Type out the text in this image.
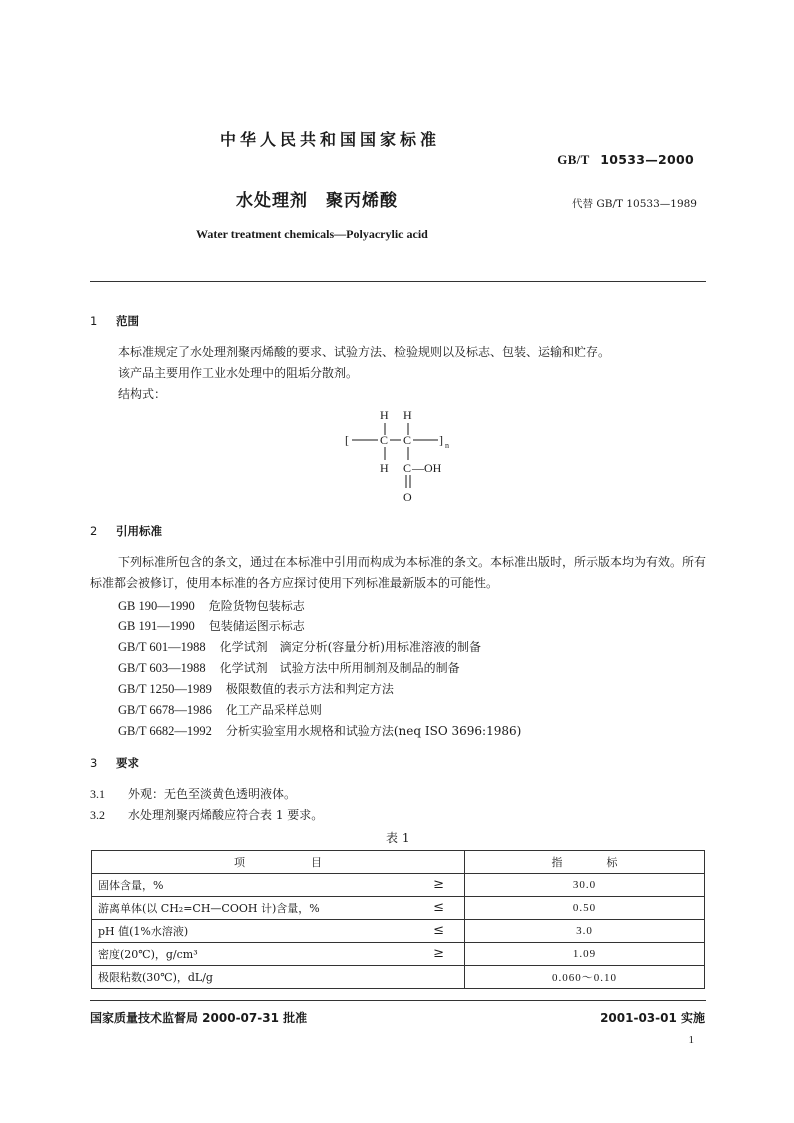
中华人民共和国国家标准
GB/T 10533—2000
水处理剂 聚丙烯酸	代替 GB/T 10533—1989
Water treatment chemicals—Polyacrylic acid
1 范围
本标准规定了水处理剂聚丙烯酸的要求、试验方法、检验规则以及标志、包装、运输和贮存。
该产品主要用作工业水处理中的阻垢分散剂。
结构式：
H H
[	C C ] n
H C —OH
O
2 引用标准
下列标准所包含的条文，通过在本标准中引用而构成为本标准的条文。本标准出版时，所示版本均为有效。所有标准都会被修订，使用本标准的各方应探讨使用下列标准最新版本的可能性。
GB 190—1990 危险货物包装标志
GB 191—1990 包装储运图示标志
GB/T 601—1988 化学试剂　滴定分析(容量分析)用标准溶液的制备
GB/T 603—1988 化学试剂　试验方法中所用制剂及制品的制备
GB/T 1250—1989 极限数值的表示方法和判定方法
GB/T 6678—1986 化工产品采样总则
GB/T 6682—1992 分析实验室用水规格和试验方法(neq ISO 3696:1986)
3 要求
3.1 外观：无色至淡黄色透明液体。
3.2 水处理剂聚丙烯酸应符合表 1 要求。
表 1
项　　　　　　目	指　　　　标
固体含量，% ≥	30.0
游离单体(以 CH₂=CH—COOH 计)含量，% ≤	0.50
pH 值(1%水溶液) ≤	3.0
密度(20℃)，g/cm³ ≥	1.09
极限粘数(30℃)，dL/g	0.060～0.10
国家质量技术监督局 2000-07-31 批准	2001-03-01 实施
1
